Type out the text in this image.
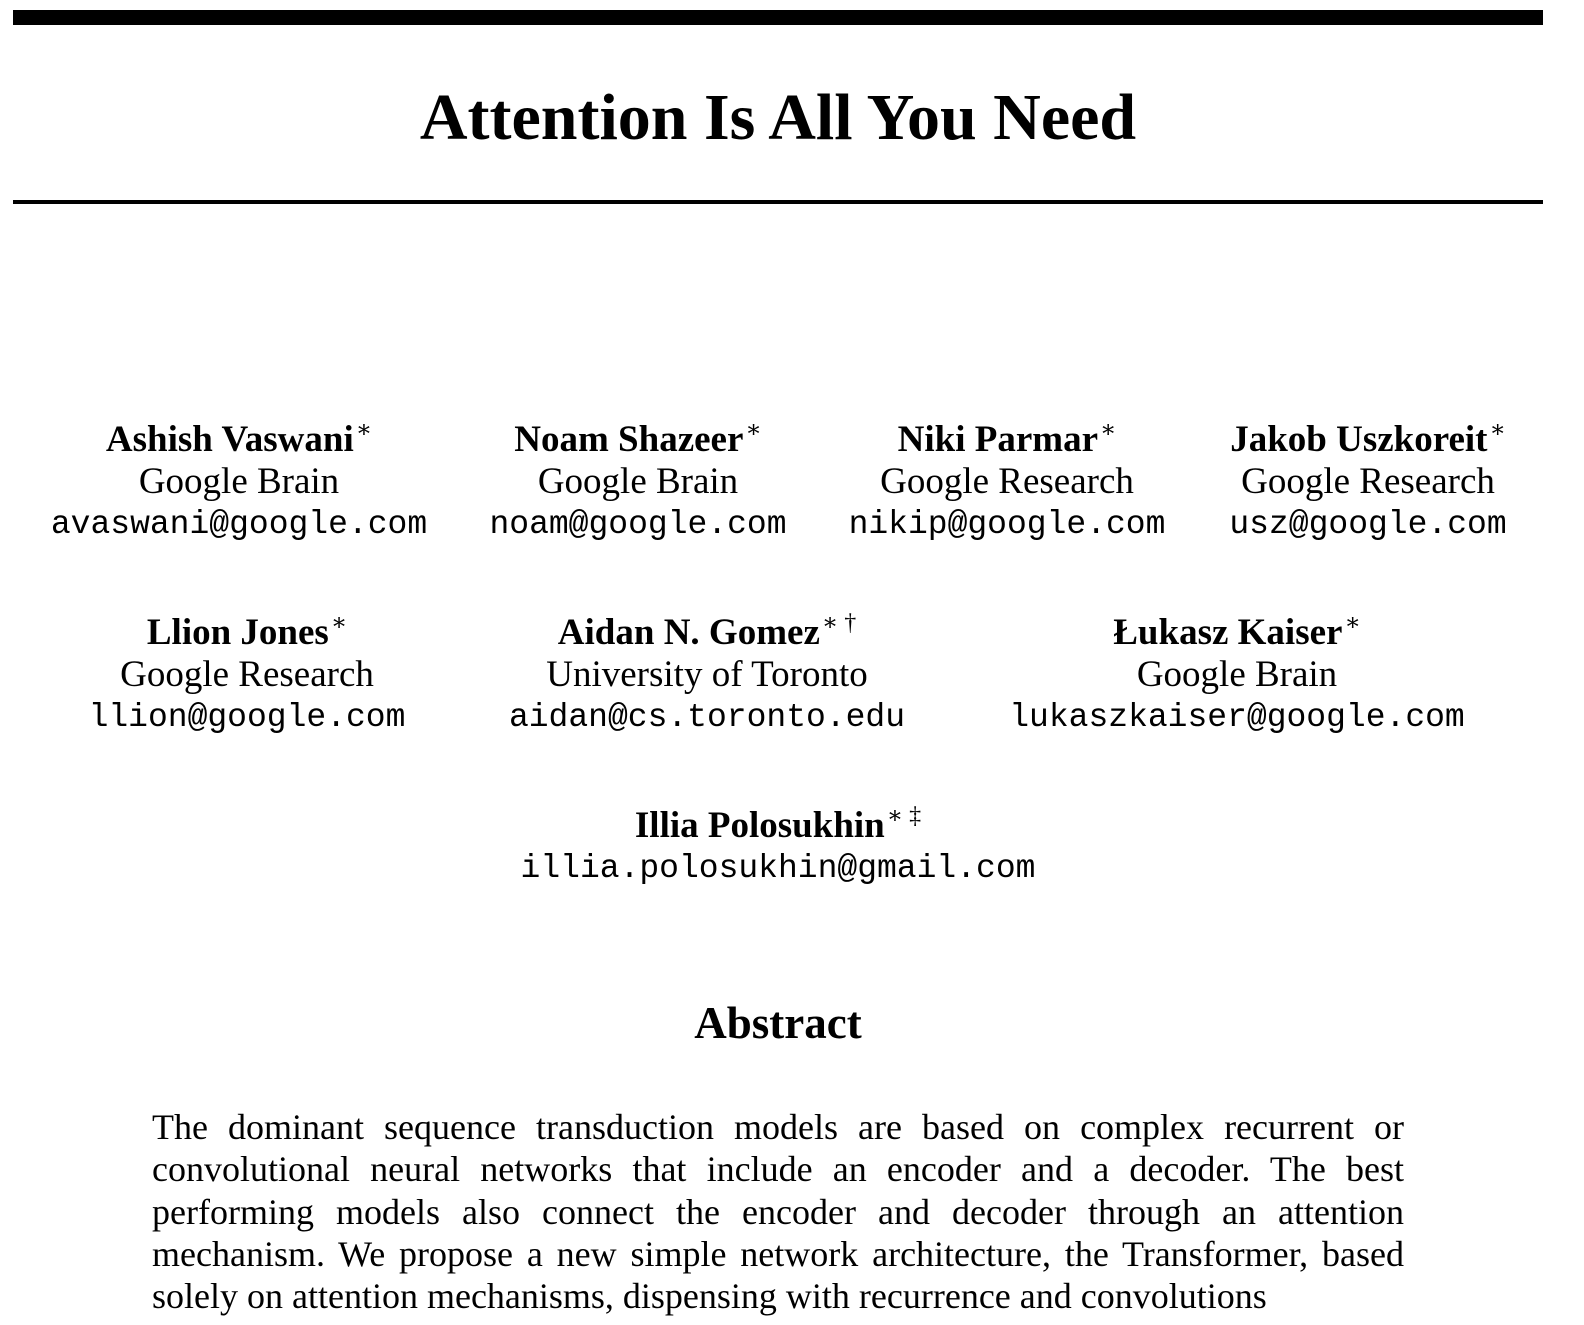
Attention Is All You Need
Ashish Vaswani∗
Google Brain
avaswani@google.com
Noam Shazeer∗
Google Brain
noam@google.com
Niki Parmar∗
Google Research
nikip@google.com
Jakob Uszkoreit∗
Google Research
usz@google.com
Llion Jones∗
Google Research
llion@google.com
Aidan N. Gomez∗ †
University of Toronto
aidan@cs.toronto.edu
Łukasz Kaiser∗
Google Brain
lukaszkaiser@google.com
Illia Polosukhin∗ ‡
illia.polosukhin@gmail.com
Abstract

The dominant sequence transduction models are based on complex recurrent or convolutional neural networks that include an encoder and a decoder. The best performing models also connect the encoder and decoder through an attention mechanism. We propose a new simple network architecture, the Transformer, based solely on attention mechanisms, dispensing with recurrence and convolutions
